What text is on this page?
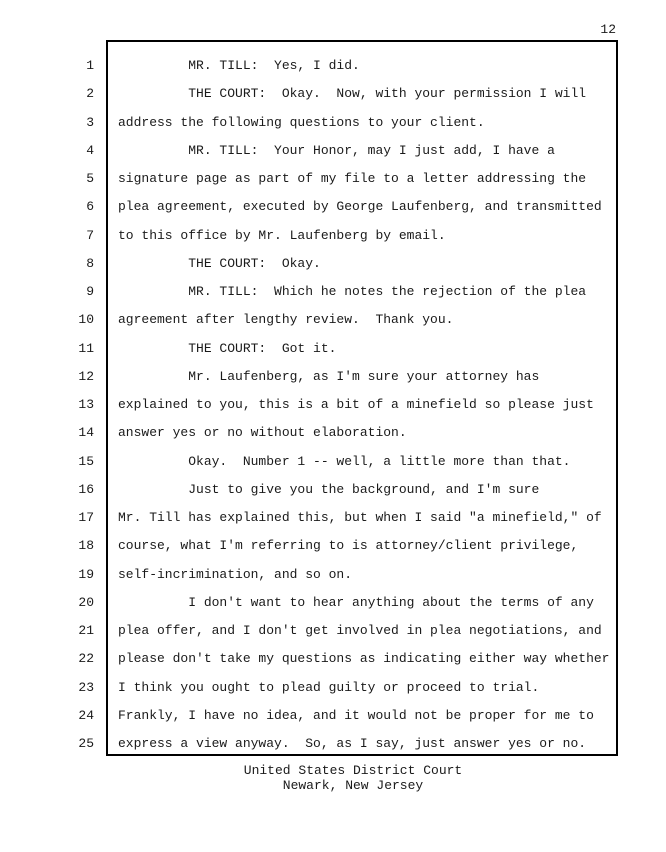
12
1 MR. TILL:  Yes, I did.
2 THE COURT:  Okay.  Now, with your permission I will
3 address the following questions to your client.
4 MR. TILL:  Your Honor, may I just add, I have a
5 signature page as part of my file to a letter addressing the
6 plea agreement, executed by George Laufenberg, and transmitted
7 to this office by Mr. Laufenberg by email.
8 THE COURT:  Okay.
9 MR. TILL:  Which he notes the rejection of the plea
10 agreement after lengthy review.  Thank you.
11 THE COURT:  Got it.
12 Mr. Laufenberg, as I'm sure your attorney has
13 explained to you, this is a bit of a minefield so please just
14 answer yes or no without elaboration.
15 Okay.  Number 1 -- well, a little more than that.
16 Just to give you the background, and I'm sure
17 Mr. Till has explained this, but when I said "a minefield," of
18 course, what I'm referring to is attorney/client privilege,
19 self-incrimination, and so on.
20 I don't want to hear anything about the terms of any
21 plea offer, and I don't get involved in plea negotiations, and
22 please don't take my questions as indicating either way whether
23 I think you ought to plead guilty or proceed to trial.
24 Frankly, I have no idea, and it would not be proper for me to
25 express a view anyway.  So, as I say, just answer yes or no.
United States District Court
Newark, New Jersey
